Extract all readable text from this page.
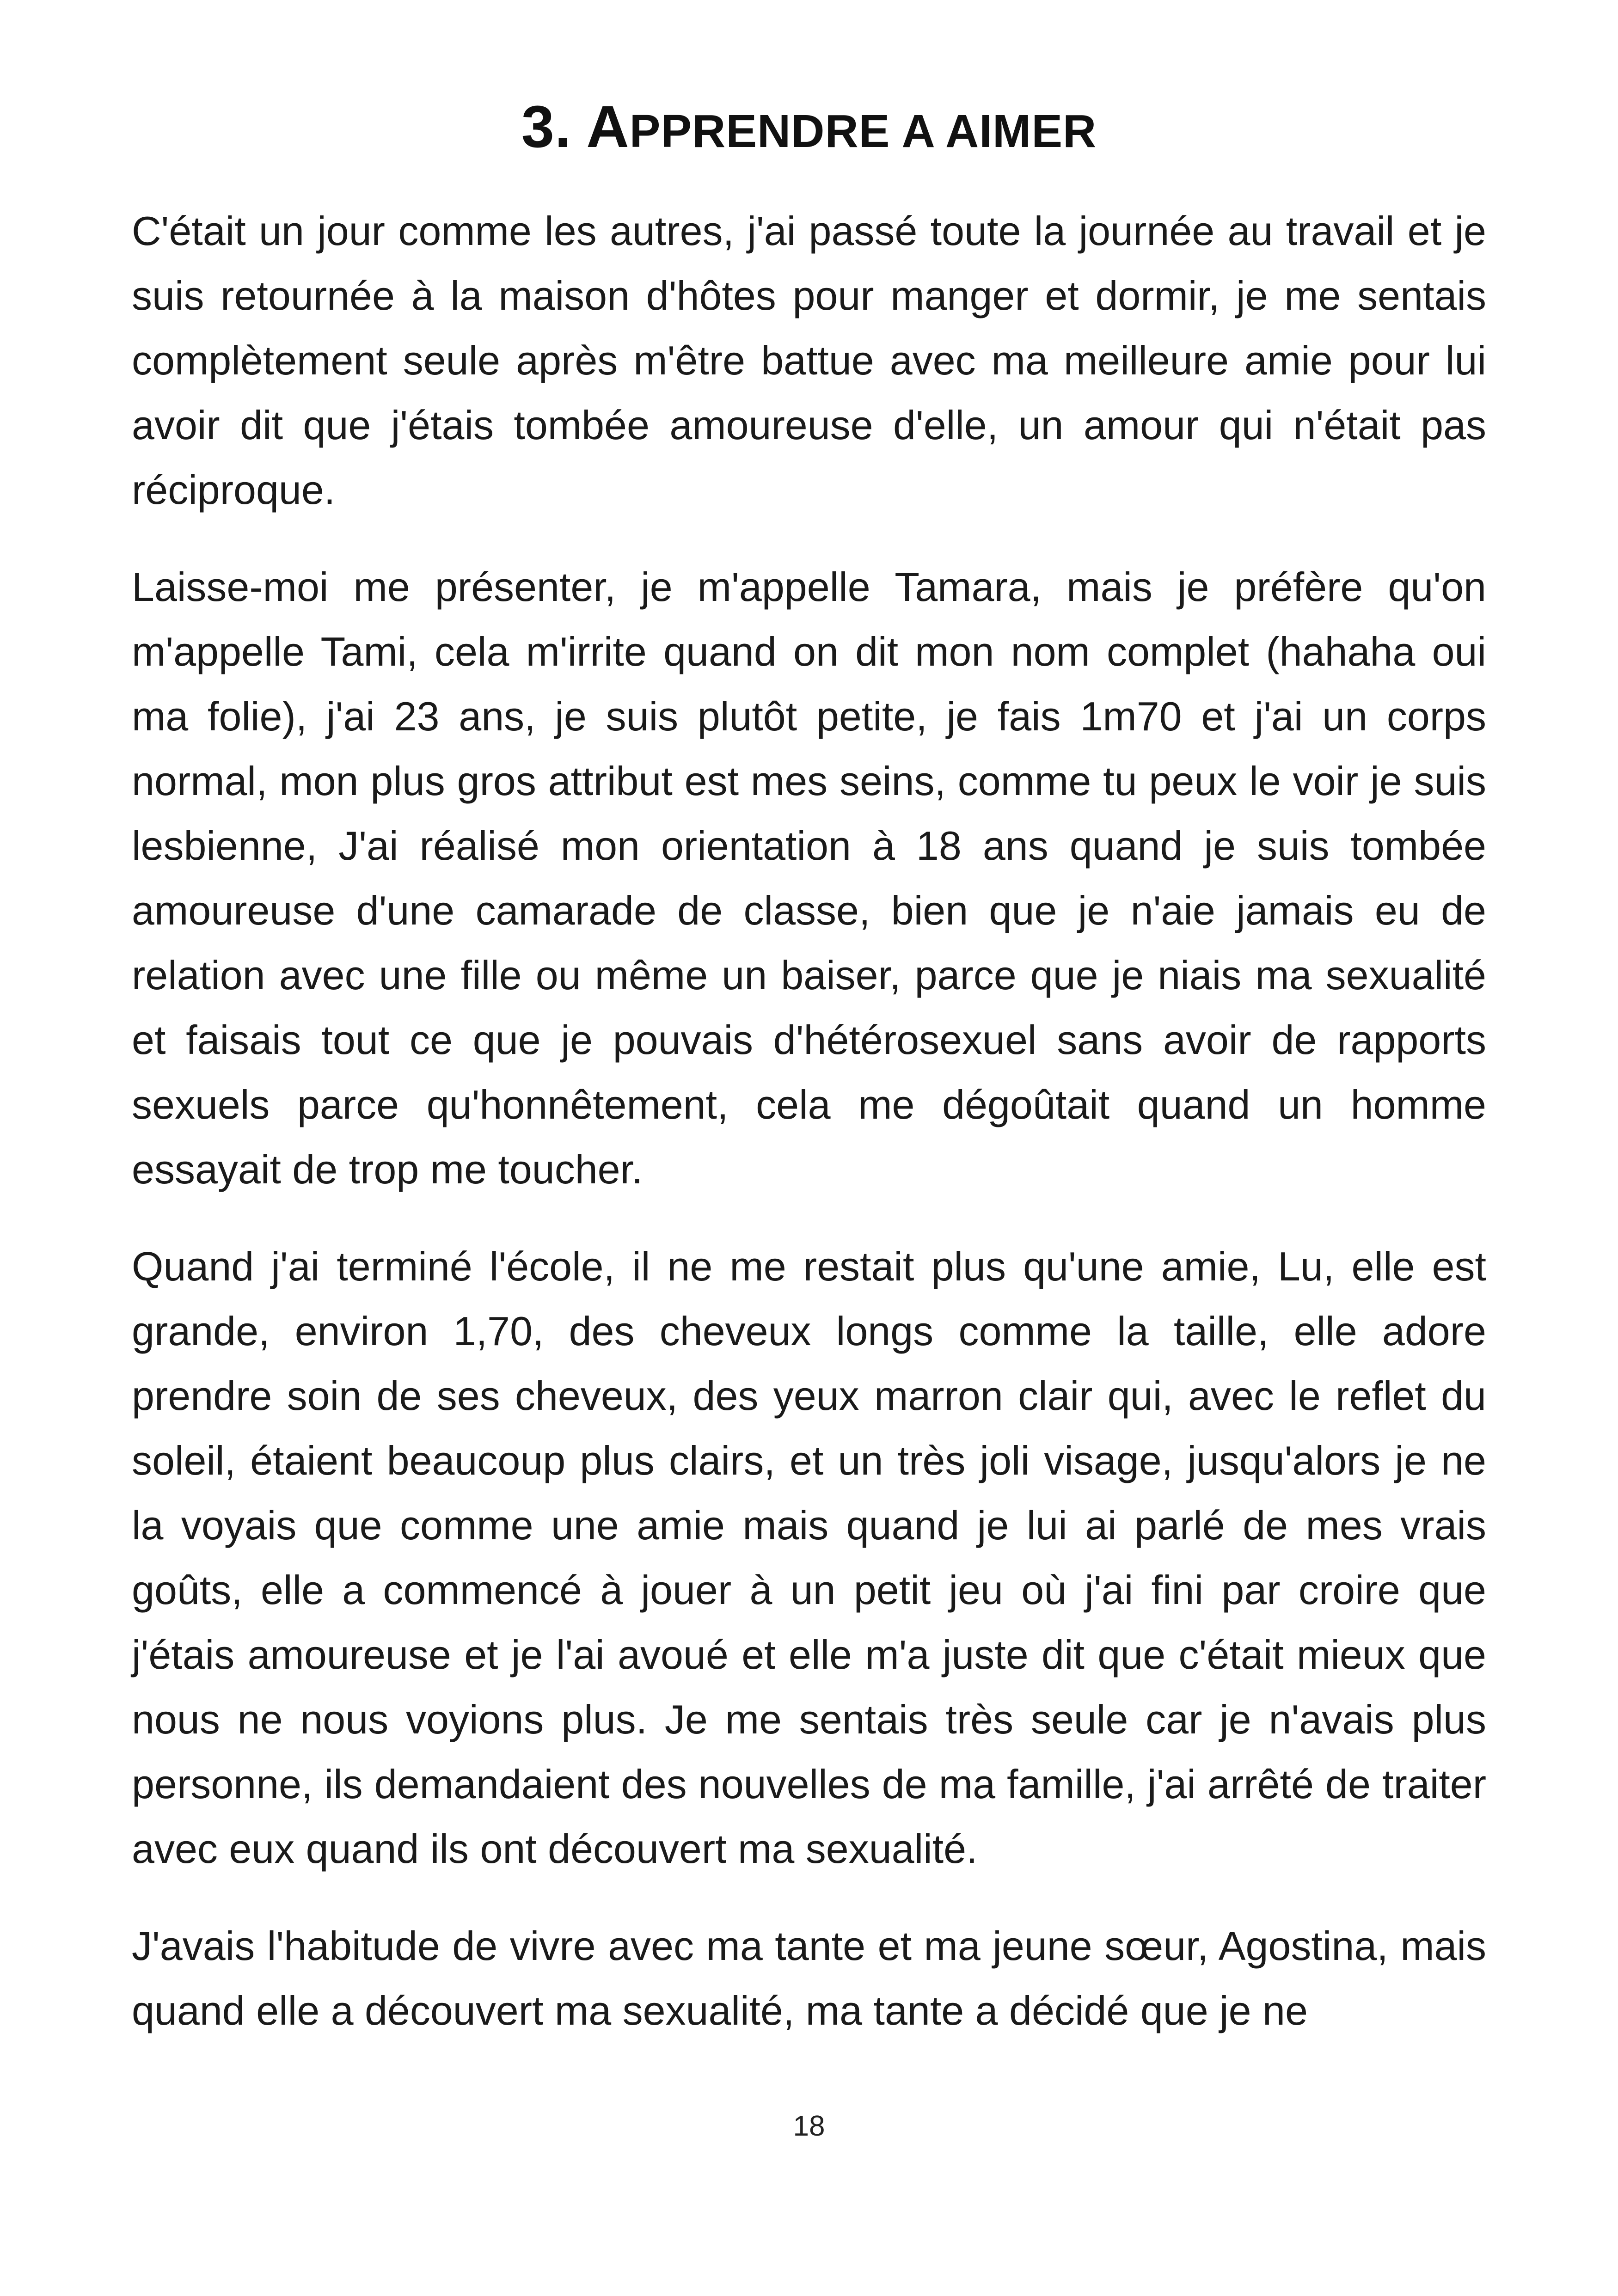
3. APPRENDRE A AIMER

C'était un jour comme les autres, j'ai passé toute la journée au travail et je suis retournée à la maison d'hôtes pour manger et dormir, je me sentais complètement seule après m'être battue avec ma meilleure amie pour lui avoir dit que j'étais tombée amoureuse d'elle, un amour qui n'était pas réciproque.

Laisse-moi me présenter, je m'appelle Tamara, mais je préfère qu'on m'appelle Tami, cela m'irrite quand on dit mon nom complet (hahaha oui ma folie), j'ai 23 ans, je suis plutôt petite, je fais 1m70 et j'ai un corps normal, mon plus gros attribut est mes seins, comme tu peux le voir je suis lesbienne, J'ai réalisé mon orientation à 18 ans quand je suis tombée amoureuse d'une camarade de classe, bien que je n'aie jamais eu de relation avec une fille ou même un baiser, parce que je niais ma sexualité et faisais tout ce que je pouvais d'hétérosexuel sans avoir de rapports sexuels parce qu'honnêtement, cela me dégoûtait quand un homme essayait de trop me toucher.

Quand j'ai terminé l'école, il ne me restait plus qu'une amie, Lu, elle est grande, environ 1,70, des cheveux longs comme la taille, elle adore prendre soin de ses cheveux, des yeux marron clair qui, avec le reflet du soleil, étaient beaucoup plus clairs, et un très joli visage, jusqu'alors je ne la voyais que comme une amie mais quand je lui ai parlé de mes vrais goûts, elle a commencé à jouer à un petit jeu où j'ai fini par croire que j'étais amoureuse et je l'ai avoué et elle m'a juste dit que c'était mieux que nous ne nous voyions plus. Je me sentais très seule car je n'avais plus personne, ils demandaient des nouvelles de ma famille, j'ai arrêté de traiter avec eux quand ils ont découvert ma sexualité.

J'avais l'habitude de vivre avec ma tante et ma jeune sœur, Agostina, mais quand elle a découvert ma sexualité, ma tante a décidé que je ne

18
